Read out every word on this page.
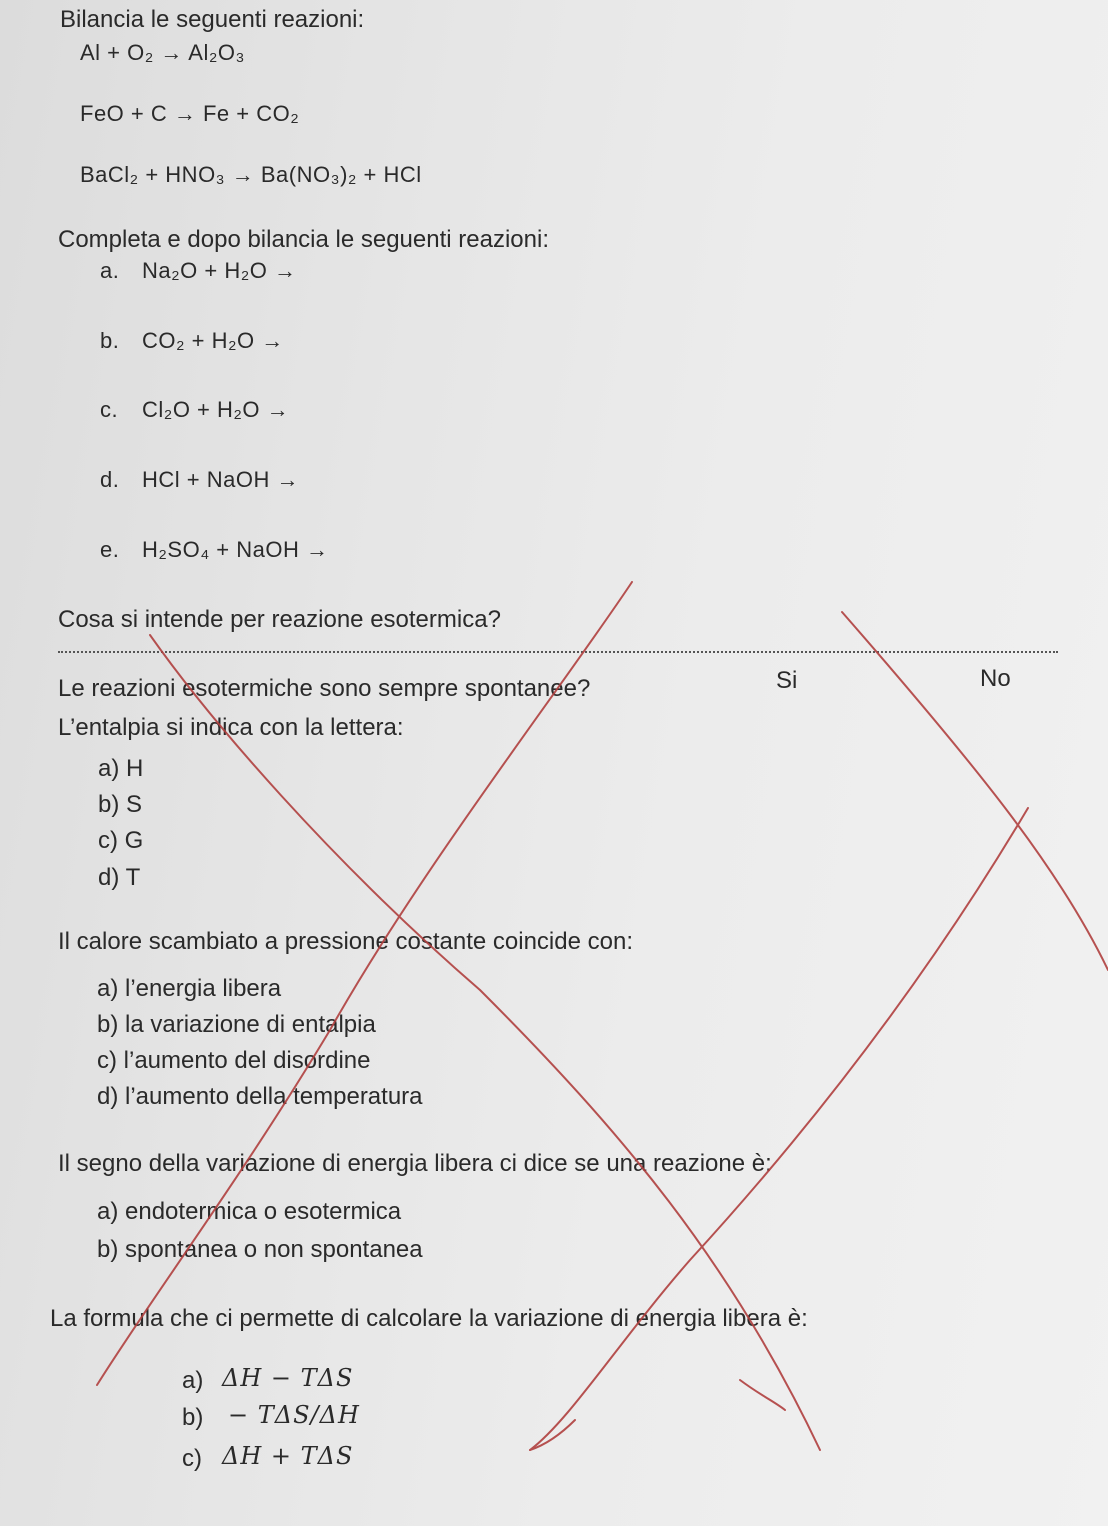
Bilancia le seguenti reazioni:
Al + O₂ → Al₂O₃
FeO + C → Fe + CO₂
BaCl₂ + HNO₃ → Ba(NO₃)₂ + HCl
Completa e dopo bilancia le seguenti reazioni:
a. Na₂O + H₂O →
b. CO₂ + H₂O →
c. Cl₂O + H₂O →
d. HCl + NaOH →
e. H₂SO₄ + NaOH →
Cosa si intende per reazione esotermica?
Le reazioni esotermiche sono sempre spontanee?	Si	No
L’entalpia si indica con la lettera:
a) H
b) S
c) G
d) T
Il calore scambiato a pressione costante coincide con:
a) l’energia libera
b) la variazione di entalpia
c) l’aumento del disordine
d) l’aumento della temperatura
Il segno della variazione di energia libera ci dice se una reazione è:
a) endotermica o esotermica
b) spontanea o non spontanea
La formula che ci permette di calcolare la variazione di energia libera è:
a) ΔH − TΔS
b) − TΔS/ΔH
c) ΔH + TΔS
